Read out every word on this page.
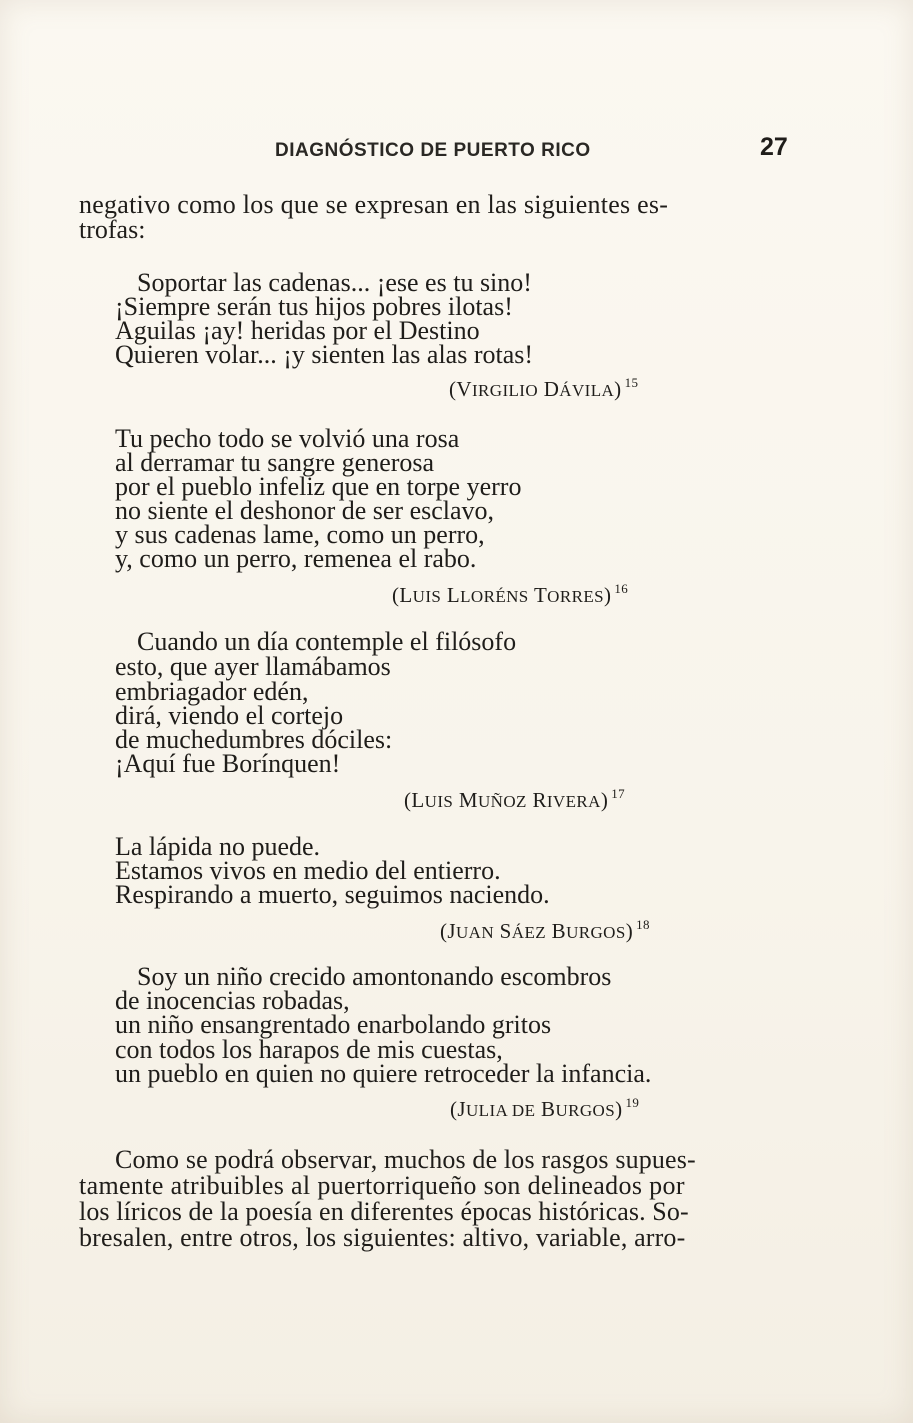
DIAGNÓSTICO DE PUERTO RICO	27
negativo como los que se expresan en las siguientes es-
trofas:
Soportar las cadenas... ¡ese es tu sino!
¡Siempre serán tus hijos pobres ilotas!
Aguilas ¡ay! heridas por el Destino
Quieren volar... ¡y sienten las alas rotas!
(VIRGILIO DÁVILA) $^{15}$
Tu pecho todo se volvió una rosa
al derramar tu sangre generosa
por el pueblo infeliz que en torpe yerro
no siente el deshonor de ser esclavo,
y sus cadenas lame, como un perro,
y, como un perro, remenea el rabo.
(LUIS LLORÉNS TORRES) $^{16}$
Cuando un día contemple el filósofo
esto, que ayer llamábamos
embriagador edén,
dirá, viendo el cortejo
de muchedumbres dóciles:
¡Aquí fue Borínquen!
(LUIS MUÑOZ RIVERA) $^{17}$
La lápida no puede.
Estamos vivos en medio del entierro.
Respirando a muerto, seguimos naciendo.
(JUAN SÁEZ BURGOS) $^{18}$
Soy un niño crecido amontonando escombros
de inocencias robadas,
un niño ensangrentado enarbolando gritos
con todos los harapos de mis cuestas,
un pueblo en quien no quiere retroceder la infancia.
(JULIA DE BURGOS) $^{19}$
Como se podrá observar, muchos de los rasgos supues-
tamente atribuibles al puertorriqueño son delineados por
los líricos de la poesía en diferentes épocas históricas. So-
bresalen, entre otros, los siguientes: altivo, variable, arro-
